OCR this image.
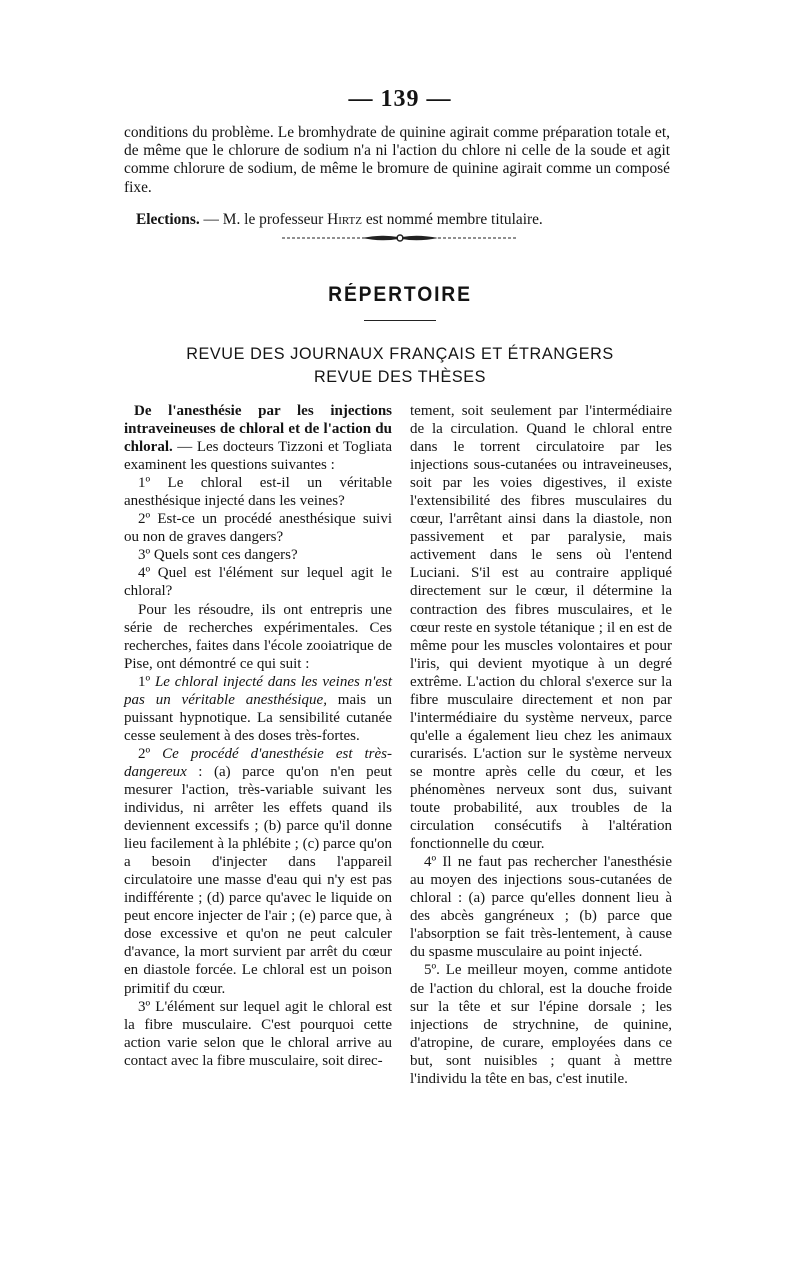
— 139 —

conditions du problème. Le bromhydrate de quinine agirait comme préparation totale et, de même que le chlorure de sodium n'a ni l'action du chlore ni celle de la soude et agit comme chlorure de sodium, de même le bromure de quinine agirait comme un composé fixe.

Elections. — M. le professeur Hirtz est nommé membre titulaire.

RÉPERTOIRE
REVUE DES JOURNAUX FRANÇAIS ET ÉTRANGERS
REVUE DES THÈSES

De l'anesthésie par les injections intraveineuses de chloral et de l'action du chloral. — Les docteurs Tizzoni et Togliata examinent les questions suivantes :

1º Le chloral est-il un véritable anesthésique injecté dans les veines?

2º Est-ce un procédé anesthésique suivi ou non de graves dangers?

3º Quels sont ces dangers?

4º Quel est l'élément sur lequel agit le chloral?

Pour les résoudre, ils ont entrepris une série de recherches expérimentales. Ces recherches, faites dans l'école zooiatrique de Pise, ont démontré ce qui suit :

1º Le chloral injecté dans les veines n'est pas un véritable anesthésique, mais un puissant hypnotique. La sensibilité cutanée cesse seulement à des doses très-fortes.

2º Ce procédé d'anesthésie est très-dangereux : (a) parce qu'on n'en peut mesurer l'action, très-variable suivant les individus, ni arrêter les effets quand ils deviennent excessifs ; (b) parce qu'il donne lieu facilement à la phlébite ; (c) parce qu'on a besoin d'injecter dans l'appareil circulatoire une masse d'eau qui n'y est pas indifférente ; (d) parce qu'avec le liquide on peut encore injecter de l'air ; (e) parce que, à dose excessive et qu'on ne peut calculer d'avance, la mort survient par arrêt du cœur en diastole forcée. Le chloral est un poison primitif du cœur.

3º L'élément sur lequel agit le chloral est la fibre musculaire. C'est pourquoi cette action varie selon que le chloral arrive au contact avec la fibre musculaire, soit direc-

tement, soit seulement par l'intermédiaire de la circulation. Quand le chloral entre dans le torrent circulatoire par les injections sous-cutanées ou intraveineuses, soit par les voies digestives, il existe l'extensibilité des fibres musculaires du cœur, l'arrêtant ainsi dans la diastole, non passivement et par paralysie, mais activement dans le sens où l'entend Luciani. S'il est au contraire appliqué directement sur le cœur, il détermine la contraction des fibres musculaires, et le cœur reste en systole tétanique ; il en est de même pour les muscles volontaires et pour l'iris, qui devient myotique à un degré extrême. L'action du chloral s'exerce sur la fibre musculaire directement et non par l'intermédiaire du système nerveux, parce qu'elle a également lieu chez les animaux curarisés. L'action sur le système nerveux se montre après celle du cœur, et les phénomènes nerveux sont dus, suivant toute probabilité, aux troubles de la circulation consécutifs à l'altération fonctionnelle du cœur.

4º Il ne faut pas rechercher l'anesthésie au moyen des injections sous-cutanées de chloral : (a) parce qu'elles donnent lieu à des abcès gangréneux ; (b) parce que l'absorption se fait très-lentement, à cause du spasme musculaire au point injecté.

5º. Le meilleur moyen, comme antidote de l'action du chloral, est la douche froide sur la tête et sur l'épine dorsale ; les injections de strychnine, de quinine, d'atropine, de curare, employées dans ce but, sont nuisibles ; quant à mettre l'individu la tête en bas, c'est inutile.
